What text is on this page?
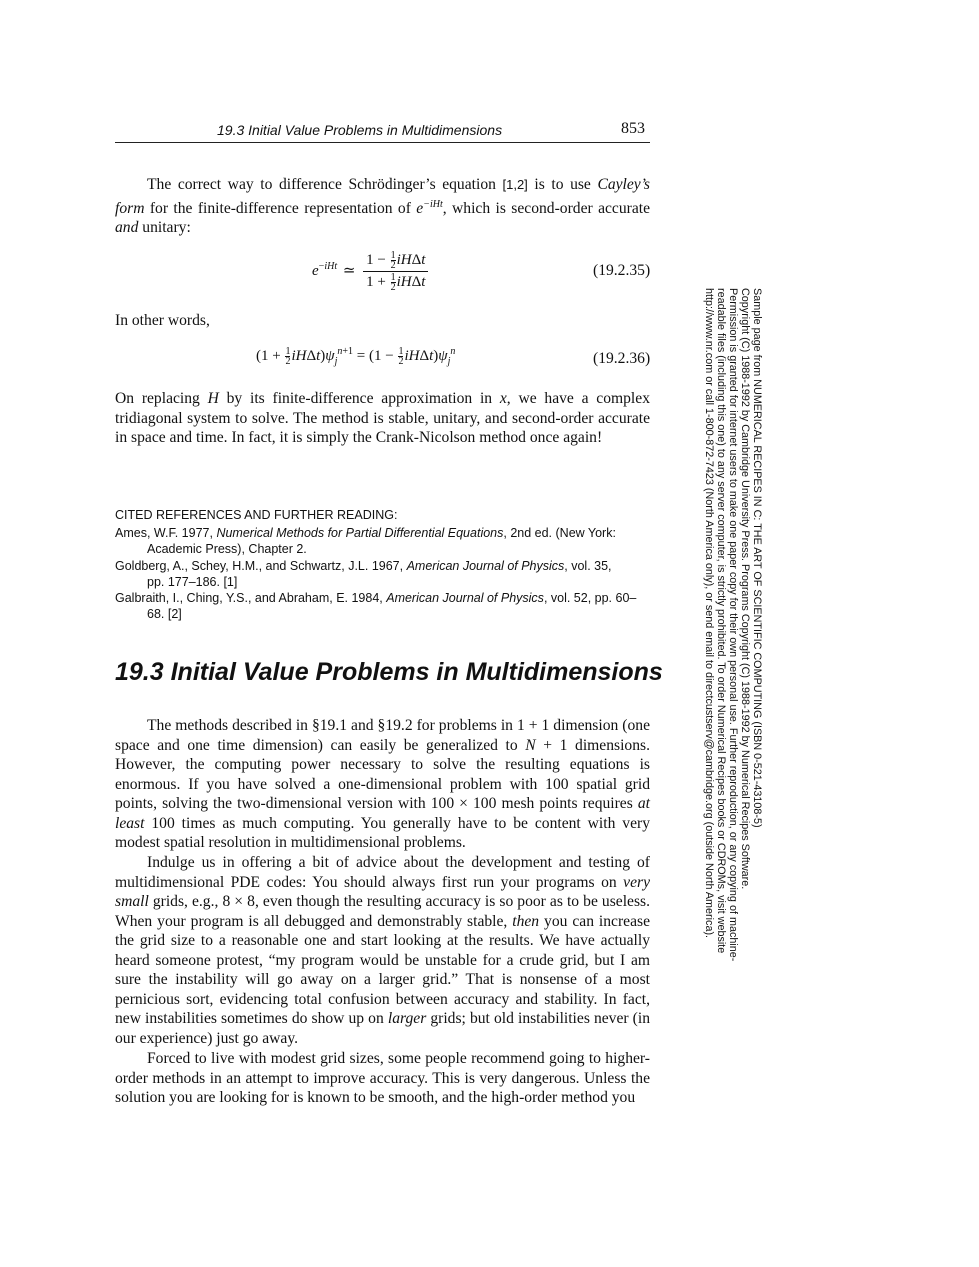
19.3 Initial Value Problems in Multidimensions	853
The correct way to difference Schrödinger’s equation [1,2] is to use Cayley’s form for the finite-difference representation of $e^{-iHt}$, which is second-order accurate and unitary:
$e^{-iHt}$ ≃ $\frac{1 - \frac{1}{2} iH\Delta t}{1 + \frac{1}{2} iH\Delta t}$	(19.2.35)
In other words,
$(1 + \frac{1}{2} iH\Delta t)\psi_j^{n+1} = (1 - \frac{1}{2} iH\Delta t)\psi_j^n$	(19.2.36)
On replacing H by its finite-difference approximation in x, we have a complex tridiagonal system to solve. The method is stable, unitary, and second-order accurate in space and time. In fact, it is simply the Crank-Nicolson method once again!
CITED REFERENCES AND FURTHER READING:
Ames, W.F. 1977, Numerical Methods for Partial Differential Equations, 2nd ed. (New York:
Academic Press), Chapter 2.
Goldberg, A., Schey, H.M., and Schwartz, J.L. 1967, American Journal of Physics, vol. 35,
pp. 177–186. [1]
Galbraith, I., Ching, Y.S., and Abraham, E. 1984, American Journal of Physics, vol. 52, pp. 60–
68. [2]
19.3 Initial Value Problems in Multidimensions
The methods described in §19.1 and §19.2 for problems in 1 + 1 dimension (one space and one time dimension) can easily be generalized to N + 1 dimensions. However, the computing power necessary to solve the resulting equations is enormous. If you have solved a one-dimensional problem with 100 spatial grid points, solving the two-dimensional version with 100 × 100 mesh points requires at least 100 times as much computing. You generally have to be content with very modest spatial resolution in multidimensional problems.
Indulge us in offering a bit of advice about the development and testing of multidimensional PDE codes: You should always first run your programs on very small grids, e.g., 8 × 8, even though the resulting accuracy is so poor as to be useless. When your program is all debugged and demonstrably stable, then you can increase the grid size to a reasonable one and start looking at the results. We have actually heard someone protest, “my program would be unstable for a crude grid, but I am sure the instability will go away on a larger grid.” That is nonsense of a most pernicious sort, evidencing total confusion between accuracy and stability. In fact, new instabilities sometimes do show up on larger grids; but old instabilities never (in our experience) just go away.
Forced to live with modest grid sizes, some people recommend going to higher-order methods in an attempt to improve accuracy. This is very dangerous. Unless the solution you are looking for is known to be smooth, and the high-order method you
Sample page from NUMERICAL RECIPES IN C: THE ART OF SCIENTIFIC COMPUTING (ISBN 0-521-43108-5)
Copyright (C) 1988-1992 by Cambridge University Press. Programs Copyright (C) 1988-1992 by Numerical Recipes Software.
Permission is granted for internet users to make one paper copy for their own personal use. Further reproduction, or any copying of machine-
readable files (including this one) to any server computer, is strictly prohibited. To order Numerical Recipes books or CDROMs, visit website
http://www.nr.com or call 1-800-872-7423 (North America only), or send email to directcustserv@cambridge.org (outside North America).
